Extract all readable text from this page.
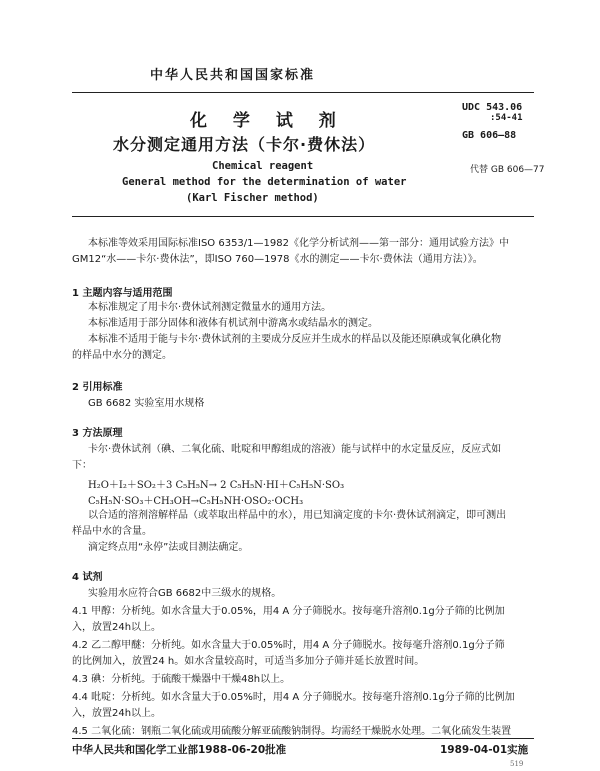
中华人民共和国国家标准
化 学 试 剂
水分测定通用方法（卡尔·费休法）
Chemical reagent
General method for the determination of water
(Karl Fischer method)
UDC 543.06
:54-41
GB 606—88
代替 GB 606—77
本标准等效采用国际标准ISO 6353/1—1982《化学分析试剂——第一部分：通用试验方法》中
GM12“水——卡尔·费休法”，即ISO 760—1978《水的测定——卡尔·费休法（通用方法）》。
1 主题内容与适用范围
本标准规定了用卡尔·费休试剂测定微量水的通用方法。
本标准适用于部分固体和液体有机试剂中游离水或结晶水的测定。
本标准不适用于能与卡尔·费休试剂的主要成分反应并生成水的样品以及能还原碘或氧化碘化物
的样品中水分的测定。
2 引用标准
GB 6682 实验室用水规格
3 方法原理
卡尔·费休试剂（碘、二氧化硫、吡啶和甲醇组成的溶液）能与试样中的水定量反应，反应式如
下：
H₂O＋I₂＋SO₂＋3 C₅H₅N→ 2 C₅H₅N·HI＋C₅H₅N·SO₃
C₅H₅N·SO₃＋CH₃OH→C₅H₅NH·OSO₂·OCH₃
以合适的溶剂溶解样品（或萃取出样品中的水），用已知滴定度的卡尔·费休试剂滴定，即可测出
样品中水的含量。
滴定终点用“永停”法或目测法确定。
4 试剂
实验用水应符合GB 6682中三级水的规格。
4.1 甲醇：分析纯。如水含量大于0.05%，用4 A 分子筛脱水。按每毫升溶剂0.1g分子筛的比例加
入，放置24h以上。
4.2 乙二醇甲醚：分析纯。如水含量大于0.05%时，用4 A 分子筛脱水。按每毫升溶剂0.1g分子筛
的比例加入，放置24 h。如水含量较高时，可适当多加分子筛并延长放置时间。
4.3 碘：分析纯。于硫酸干燥器中干燥48h以上。
4.4 吡啶：分析纯。如水含量大于0.05%时，用4 A 分子筛脱水。按每毫升溶剂0.1g分子筛的比例加
入，放置24h以上。
4.5 二氧化硫：钢瓶二氧化硫或用硫酸分解亚硫酸钠制得。均需经干燥脱水处理。二氧化硫发生装置
中华人民共和国化学工业部1988-06-20批准	1989-04-01实施
519
